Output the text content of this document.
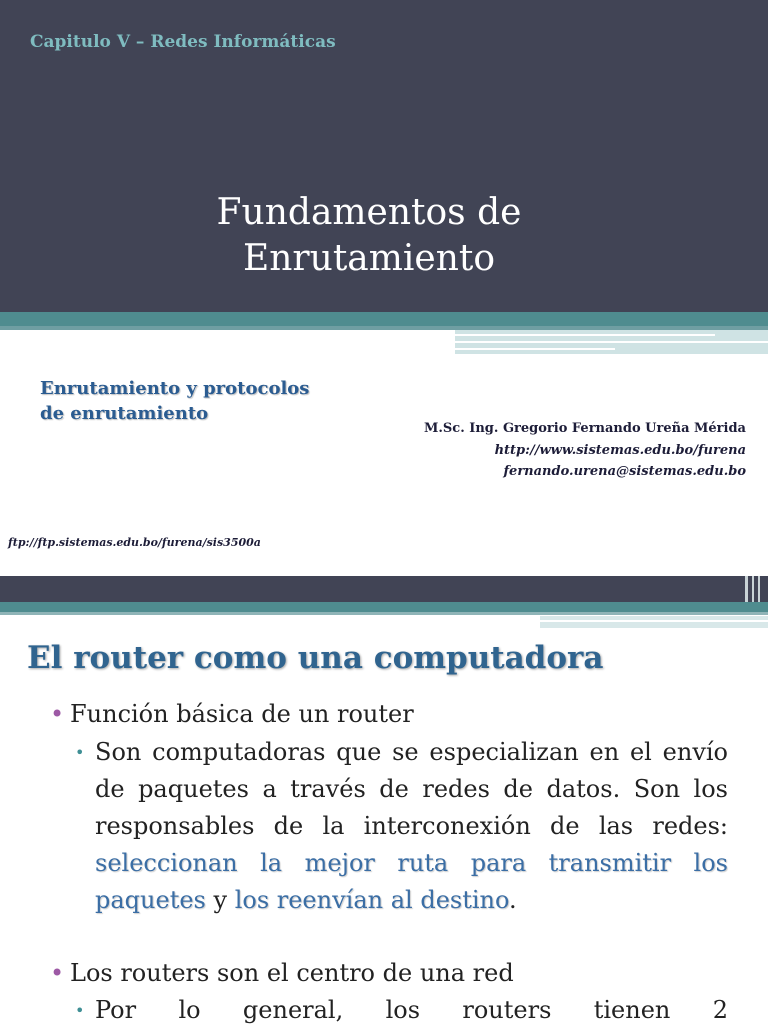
Capitulo V – Redes Informáticas
Fundamentos de
Enrutamiento
Enrutamiento y protocolos
de enrutamiento
M.Sc. Ing. Gregorio Fernando Ureña Mérida
http://www.sistemas.edu.bo/furena
fernando.urena@sistemas.edu.bo
ftp://ftp.sistemas.edu.bo/furena/sis3500a
El router como una computadora
• Función básica de un router
• Son computadoras que se especializan en el envío de paquetes a través de redes de datos. Son los responsables de la interconexión de las redes: seleccionan la mejor ruta para transmitir los paquetes y los reenvían al destino.
• Los routers son el centro de una red
• Por lo general, los routers tienen 2
